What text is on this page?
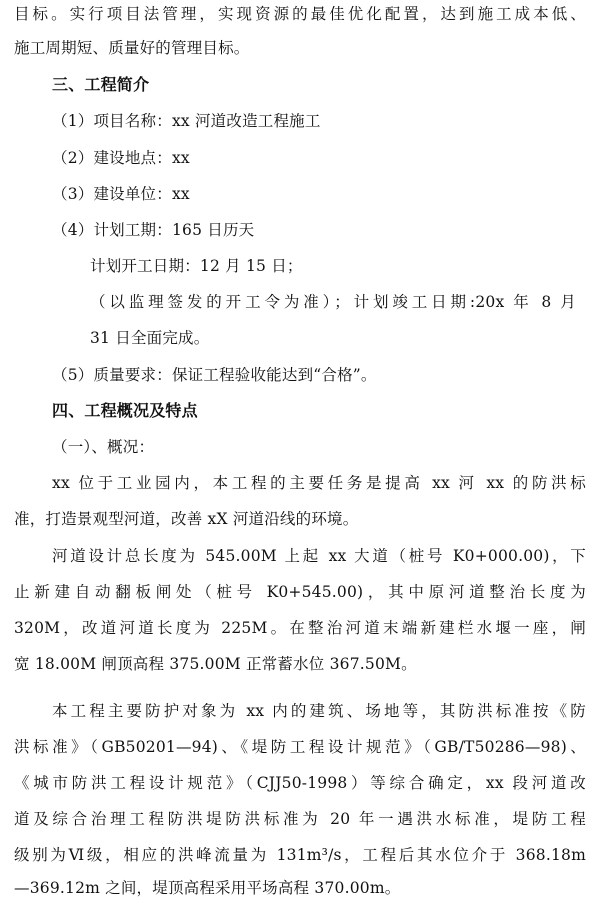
目标。实行项目法管理，实现资源的最佳优化配置，达到施工成本低、
施工周期短、质量好的管理目标。
三、工程简介
（1）项目名称：xx 河道改造工程施工
（2）建设地点：xx
（3）建设单位：xx
（4）计划工期：165 日历天
计划开工日期：12 月 15 日；
（以监理签发的开工令为准）；计划竣工日期:20x 年 8 月
31 日全面完成。
（5）质量要求：保证工程验收能达到“合格”。
四、工程概况及特点
（一）、概况：
xx 位于工业园内，本工程的主要任务是提高 xx 河 xx 的防洪标
准，打造景观型河道，改善 xX 河道沿线的环境。
河道设计总长度为 545.00M 上起 xx 大道（桩号 K0+000.00)，下
止新建自动翻板闸处（桩号 K0+545.00)，其中原河道整治长度为
320M，改道河道长度为 225M。在整治河道末端新建栏水堰一座，闸
宽 18.00M 闸顶高程 375.00M 正常蓄水位 367.50M。
本工程主要防护对象为 xx 内的建筑、场地等，其防洪标准按《防
洪标准》（GB50201—94)、《堤防工程设计规范》（GB/T50286—98)、
《城市防洪工程设计规范》（CJJ50-1998）等综合确定，xx 段河道改
道及综合治理工程防洪堤防洪标准为 20 年一遇洪水标准，堤防工程
级别为Ⅵ级，相应的洪峰流量为 131m³/s，工程后其水位介于 368.18m
—369.12m 之间，堤顶高程采用平场高程 370.00m。
